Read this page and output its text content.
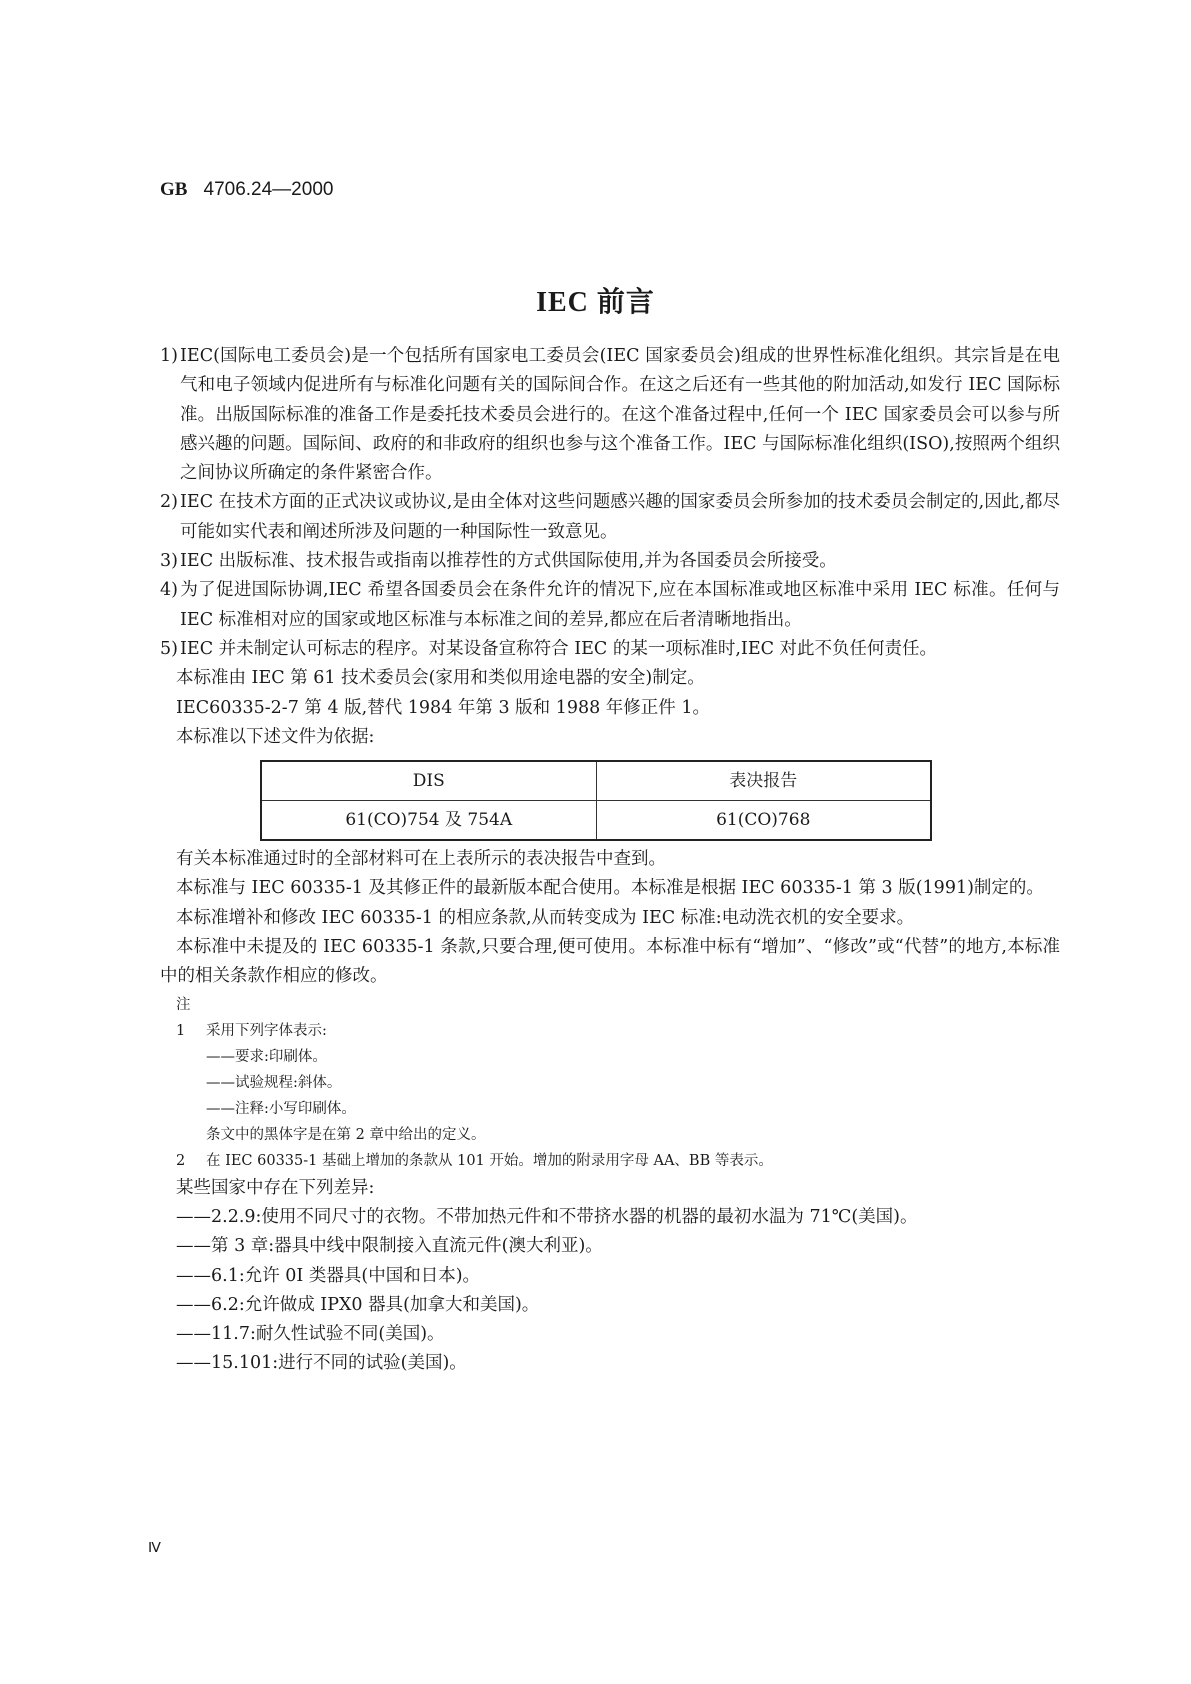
GB 4706.24—2000
IEC 前言
1) IEC(国际电工委员会)是一个包括所有国家电工委员会(IEC 国家委员会)组成的世界性标准化组织。其宗旨是在电气和电子领域内促进所有与标准化问题有关的国际间合作。在这之后还有一些其他的附加活动,如发行 IEC 国际标准。出版国际标准的准备工作是委托技术委员会进行的。在这个准备过程中,任何一个 IEC 国家委员会可以参与所感兴趣的问题。国际间、政府的和非政府的组织也参与这个准备工作。IEC 与国际标准化组织(ISO),按照两个组织之间协议所确定的条件紧密合作。
2) IEC 在技术方面的正式决议或协议,是由全体对这些问题感兴趣的国家委员会所参加的技术委员会制定的,因此,都尽可能如实代表和阐述所涉及问题的一种国际性一致意见。
3) IEC 出版标准、技术报告或指南以推荐性的方式供国际使用,并为各国委员会所接受。
4) 为了促进国际协调,IEC 希望各国委员会在条件允许的情况下,应在本国标准或地区标准中采用 IEC 标准。任何与 IEC 标准相对应的国家或地区标准与本标准之间的差异,都应在后者清晰地指出。
5) IEC 并未制定认可标志的程序。对某设备宣称符合 IEC 的某一项标准时,IEC 对此不负任何责任。
本标准由 IEC 第 61 技术委员会(家用和类似用途电器的安全)制定。
IEC60335-2-7 第 4 版,替代 1984 年第 3 版和 1988 年修正件 1。
本标准以下述文件为依据:
DIS	表决报告
61(CO)754 及 754A	61(CO)768
有关本标准通过时的全部材料可在上表所示的表决报告中查到。
本标准与 IEC 60335-1 及其修正件的最新版本配合使用。本标准是根据 IEC 60335-1 第 3 版(1991)制定的。
本标准增补和修改 IEC 60335-1 的相应条款,从而转变成为 IEC 标准:电动洗衣机的安全要求。
本标准中未提及的 IEC 60335-1 条款,只要合理,便可使用。本标准中标有“增加”、“修改”或“代替”的地方,本标准中的相关条款作相应的修改。
注
1 采用下列字体表示:
——要求:印刷体。
——试验规程:斜体。
——注释:小写印刷体。
条文中的黑体字是在第 2 章中给出的定义。
2 在 IEC 60335-1 基础上增加的条款从 101 开始。增加的附录用字母 AA、BB 等表示。
某些国家中存在下列差异:
——2.2.9:使用不同尺寸的衣物。不带加热元件和不带挤水器的机器的最初水温为 71℃(美国)。
——第 3 章:器具中线中限制接入直流元件(澳大利亚)。
——6.1:允许 0I 类器具(中国和日本)。
——6.2:允许做成 IPX0 器具(加拿大和美国)。
——11.7:耐久性试验不同(美国)。
——15.101:进行不同的试验(美国)。
Ⅳ
